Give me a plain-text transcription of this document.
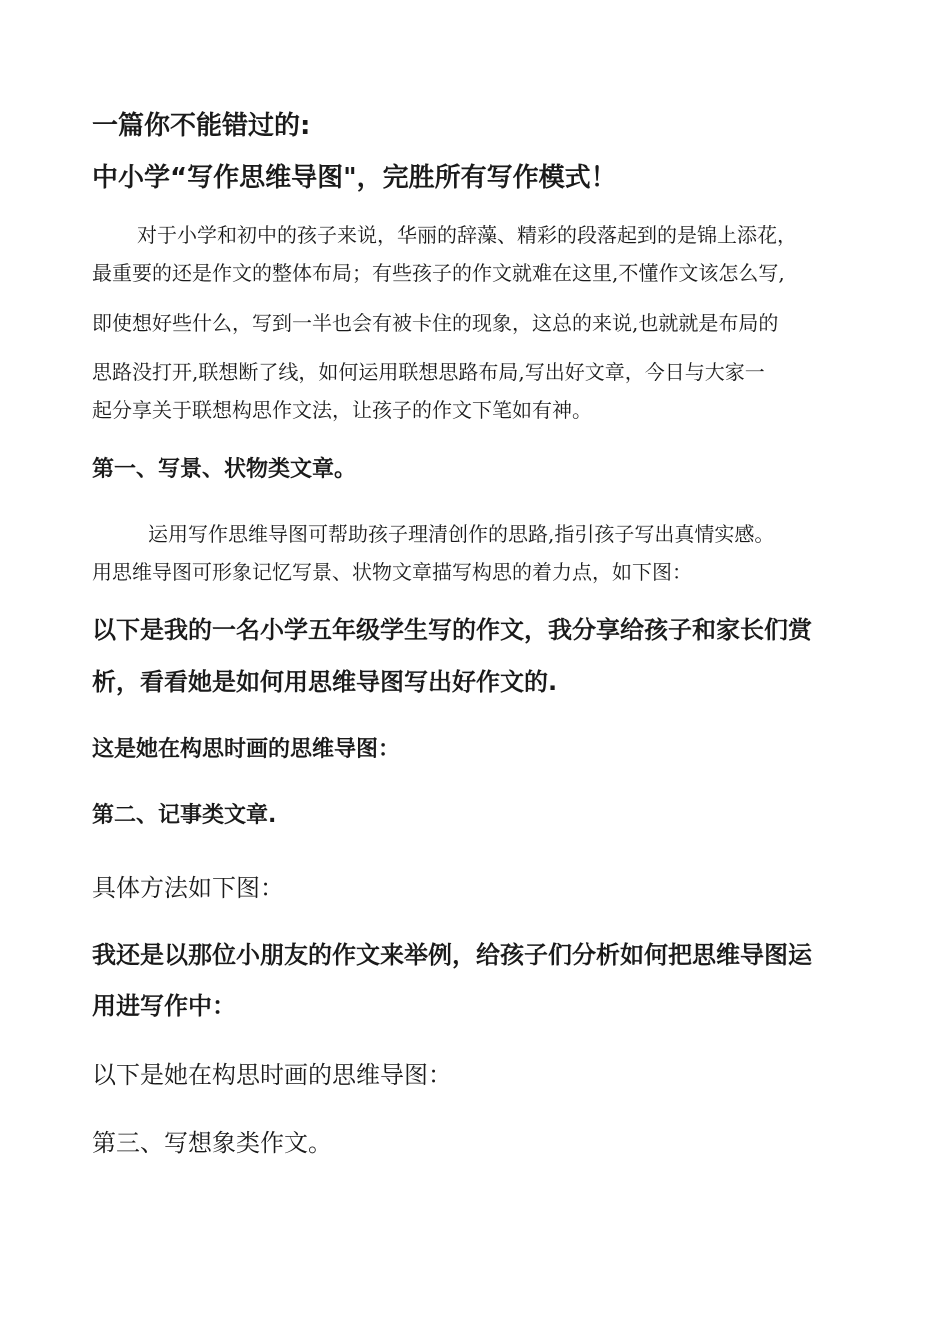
一篇你不能错过的:

中小学“写作思维导图"，完胜所有写作模式！

对于小学和初中的孩子来说，华丽的辞藻、精彩的段落起到的是锦上添花，

最重要的还是作文的整体布局；有些孩子的作文就难在这里,不懂作文该怎么写,

即使想好些什么，写到一半也会有被卡住的现象，这总的来说,也就就是布局的

思路没打开,联想断了线，如何运用联想思路布局,写出好文章，今日与大家一

起分享关于联想构思作文法，让孩子的作文下笔如有神。

第一、写景、状物类文章。

运用写作思维导图可帮助孩子理清创作的思路,指引孩子写出真情实感。

用思维导图可形象记忆写景、状物文章描写构思的着力点，如下图：

以下是我的一名小学五年级学生写的作文，我分享给孩子和家长们赏

析，看看她是如何用思维导图写出好作文的.

这是她在构思时画的思维导图：

第二、记事类文章.

具体方法如下图：

我还是以那位小朋友的作文来举例，给孩子们分析如何把思维导图运

用进写作中：

以下是她在构思时画的思维导图：

第三、写想象类作文。
